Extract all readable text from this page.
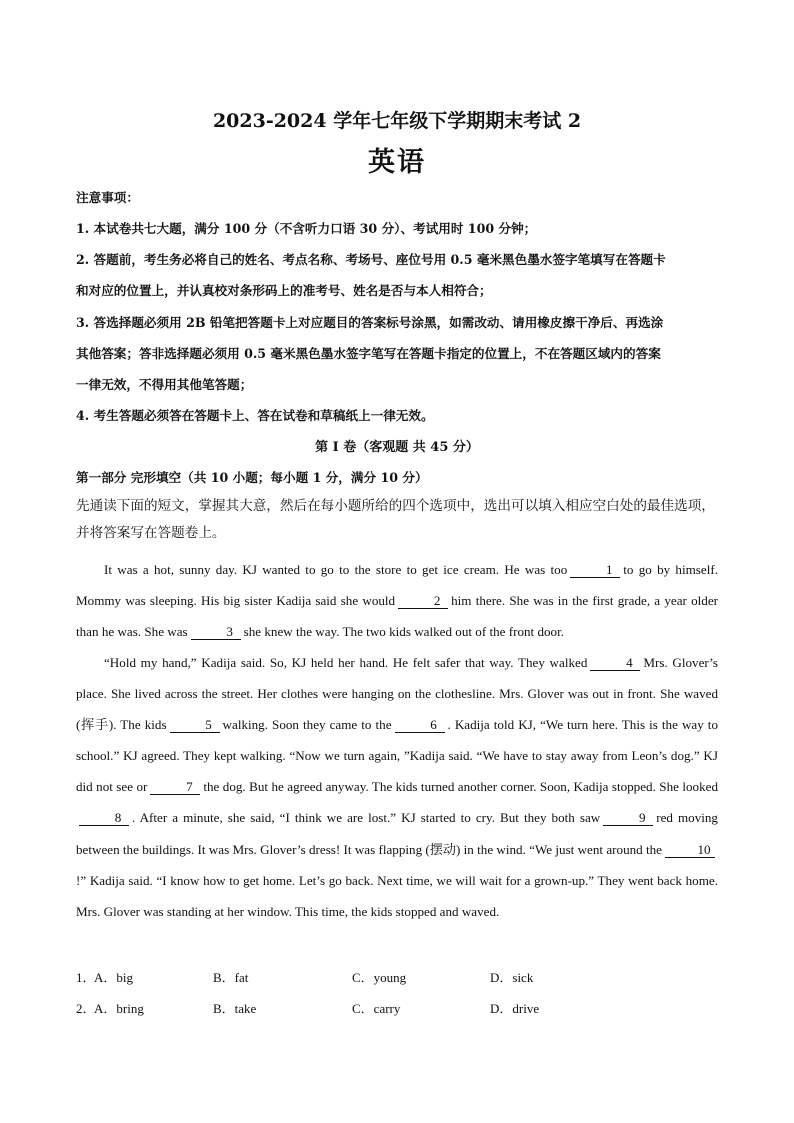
2023-2024 学年七年级下学期期末考试 2
英语
注意事项：
1. 本试卷共七大题，满分 100 分（不含听力口语 30 分）、考试用时 100 分钟；
2. 答题前，考生务必将自己的姓名、考点名称、考场号、座位号用 0.5 毫米黑色墨水签字笔填写在答题卡
和对应的位置上，并认真校对条形码上的准考号、姓名是否与本人相符合；
3. 答选择题必须用 2B 铅笔把答题卡上对应题目的答案标号涂黑，如需改动、请用橡皮擦干净后、再选涂
其他答案；答非选择题必须用 0.5 毫米黑色墨水签字笔写在答题卡指定的位置上，不在答题区域内的答案
一律无效，不得用其他笔答题；
4. 考生答题必须答在答题卡上、答在试卷和草稿纸上一律无效。
第 I 卷（客观题 共 45 分）
第一部分 完形填空（共 10 小题；每小题 1 分，满分 10 分）
先通读下面的短文，掌握其大意，然后在每小题所给的四个选项中，选出可以填入相应空白处的最佳选项，并将答案写在答题卷上。
It was a hot, sunny day. KJ wanted to go to the store to get ice cream. He was too	1 to go by himself. Mommy was sleeping. His big sister Kadija said she would	2 him there. She was in the first grade, a year older than he was. She was	3 she knew the way. The two kids walked out of the front door.
“Hold my hand,” Kadija said. So, KJ held her hand. He felt safer that way. They walked	4 Mrs. Glover’s place. She lived across the street. Her clothes were hanging on the clothesline. Mrs. Glover was out in front. She waved (挥手). The kids	5 walking. Soon they came to the	6 . Kadija told KJ, “We turn here. This is the way to school.” KJ agreed. They kept walking. “Now we turn again, ”Kadija said. “We have to stay away from Leon’s dog.” KJ did not see or	7 the dog. But he agreed anyway. The kids turned another corner. Soon, Kadija stopped. She looked8 . After a minute, she said, “I think we are lost.” KJ started to cry. But they both saw	9 red moving between the buildings. It was Mrs. Glover’s dress! It was flapping (摆动) in the wind. “We just went around the	10!” Kadija said. “I know how to get home. Let’s go back. Next time, we will wait for a grown-up.” They went back home. Mrs. Glover was standing at her window. This time, the kids stopped and waved.
1．
A．big	B．fat	C．young	D．sick
2．
A．bring	B．take	C．carry	D．drive
